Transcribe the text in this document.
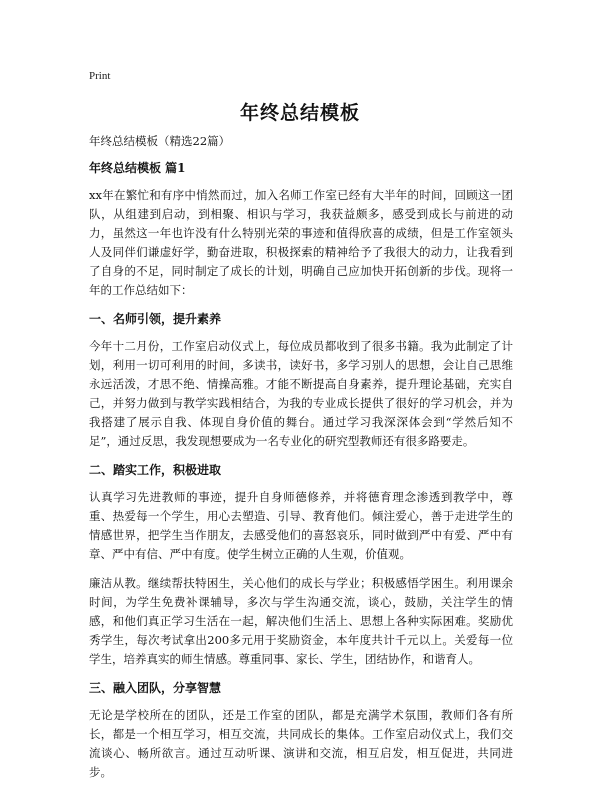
Print
年终总结模板

年终总结模板（精选22篇）

年终总结模板 篇1

xx年在繁忙和有序中悄然而过，加入名师工作室已经有大半年的时间，回顾这一团队，从组建到启动，到相聚、相识与学习，我获益颇多，感受到成长与前进的动力，虽然这一年也许没有什么特别光荣的事迹和值得欣喜的成绩，但是工作室领头人及同伴们谦虚好学，勤奋进取，积极探索的精神给予了我很大的动力，让我看到了自身的不足，同时制定了成长的计划，明确自己应加快开拓创新的步伐。现将一年的工作总结如下：

一、名师引领，提升素养

今年十二月份，工作室启动仪式上，每位成员都收到了很多书籍。我为此制定了计划，利用一切可利用的时间，多读书，读好书，多学习别人的思想，会让自己思维永远活泼，才思不绝、情操高雅。才能不断提高自身素养，提升理论基础，充实自己，并努力做到与教学实践相结合，为我的专业成长提供了很好的学习机会，并为我搭建了展示自我、体现自身价值的舞台。通过学习我深深体会到“学然后知不足”，通过反思，我发现想要成为一名专业化的研究型教师还有很多路要走。

二、踏实工作，积极进取

认真学习先进教师的事迹，提升自身师德修养，并将德育理念渗透到教学中，尊重、热爱每一个学生，用心去塑造、引导、教育他们。倾注爱心，善于走进学生的情感世界，把学生当作朋友，去感受他们的喜怒哀乐，同时做到严中有爱、严中有章、严中有信、严中有度。使学生树立正确的人生观，价值观。

廉洁从教。继续帮扶特困生，关心他们的成长与学业；积极感悟学困生。利用课余时间，为学生免费补课辅导，多次与学生沟通交流，谈心，鼓励，关注学生的情感，和他们真正学习生活在一起，解决他们生活上、思想上各种实际困难。奖励优秀学生，每次考试拿出200多元用于奖励资金，本年度共计千元以上。关爱每一位学生，培养真实的师生情感。尊重同事、家长、学生，团结协作，和谐育人。

三、融入团队，分享智慧

无论是学校所在的团队，还是工作室的团队，都是充满学术氛围，教师们各有所长，都是一个相互学习，相互交流，共同成长的集体。工作室启动仪式上，我们交流谈心、畅所欲言。通过互动听课、演讲和交流，相互启发，相互促进，共同进步。
